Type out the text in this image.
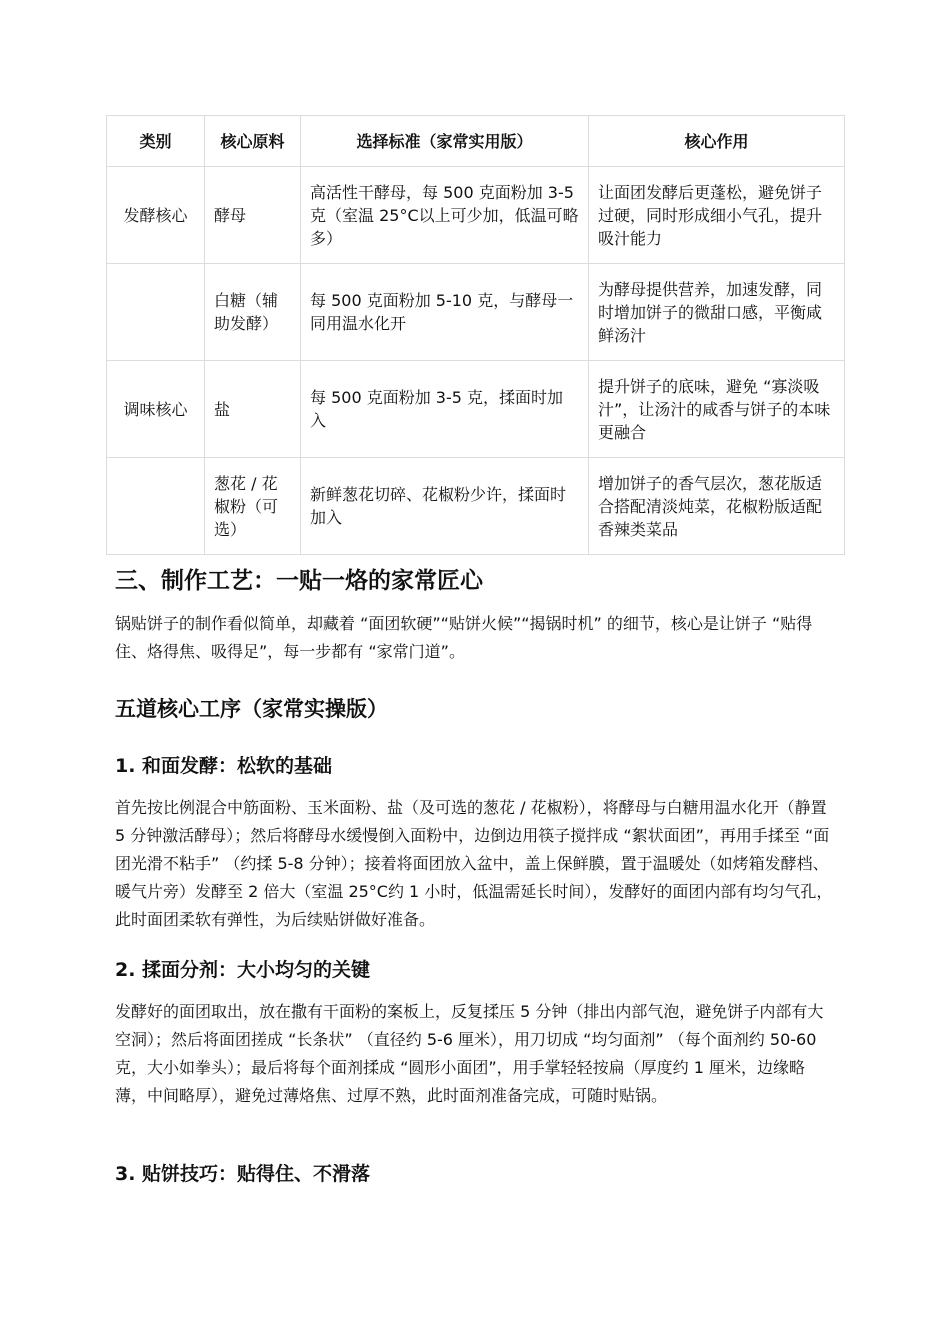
类别	核心原料	选择标准（家常实用版）	核心作用
发酵核心	酵母	高活性干酵母，每 500 克面粉加 3-5 克（室温 25°C以上可少加，低温可略多）	让面团发酵后更蓬松，避免饼子过硬，同时形成细小气孔，提升吸汁能力
	白糖（辅助发酵）	每 500 克面粉加 5-10 克，与酵母一同用温水化开	为酵母提供营养，加速发酵，同时增加饼子的微甜口感，平衡咸鲜汤汁
调味核心	盐	每 500 克面粉加 3-5 克，揉面时加入	提升饼子的底味，避免 “寡淡吸汁”，让汤汁的咸香与饼子的本味更融合
	葱花 / 花椒粉（可选）	新鲜葱花切碎、花椒粉少许，揉面时加入	增加饼子的香气层次，葱花版适合搭配清淡炖菜，花椒粉版适配香辣类菜品
三、制作工艺：一贴一烙的家常匠心

锅贴饼子的制作看似简单，却藏着 “面团软硬”“贴饼火候”“揭锅时机” 的细节，核心是让饼子 “贴得住、烙得焦、吸得足”，每一步都有 “家常门道”。

五道核心工序（家常实操版）
1. 和面发酵：松软的基础

首先按比例混合中筋面粉、玉米面粉、盐（及可选的葱花 / 花椒粉），将酵母与白糖用温水化开（静置 5 分钟激活酵母）；然后将酵母水缓慢倒入面粉中，边倒边用筷子搅拌成 “絮状面团”，再用手揉至 “面团光滑不粘手” （约揉 5-8 分钟）；接着将面团放入盆中，盖上保鲜膜，置于温暖处（如烤箱发酵档、暖气片旁）发酵至 2 倍大（室温 25°C约 1 小时，低温需延长时间），发酵好的面团内部有均匀气孔，此时面团柔软有弹性，为后续贴饼做好准备。

2. 揉面分剂：大小均匀的关键

发酵好的面团取出，放在撒有干面粉的案板上，反复揉压 5 分钟（排出内部气泡，避免饼子内部有大空洞）；然后将面团搓成 “长条状” （直径约 5-6 厘米），用刀切成 “均匀面剂” （每个面剂约 50-60 克，大小如拳头）；最后将每个面剂揉成 “圆形小面团”，用手掌轻轻按扁（厚度约 1 厘米，边缘略薄，中间略厚），避免过薄烙焦、过厚不熟，此时面剂准备完成，可随时贴锅。

3. 贴饼技巧：贴得住、不滑落
